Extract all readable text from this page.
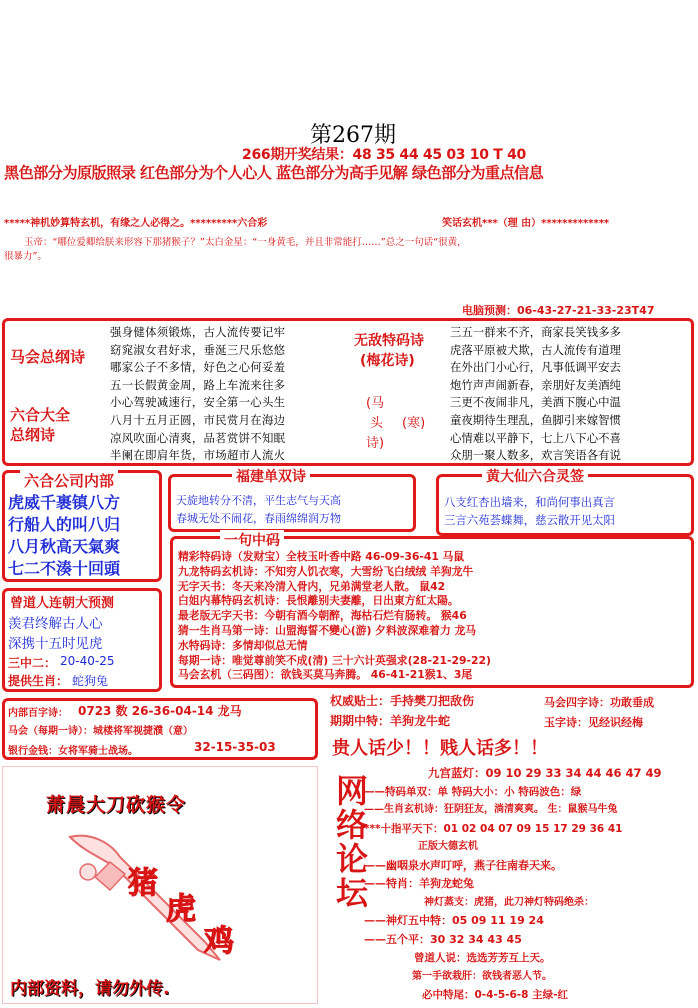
第267期
266期开奖结果：48 35 44 45 03 10 T 40
黑色部分为原版照录 红色部分为个人心人 蓝色部分为高手见解 绿色部分为重点信息
*****神机妙算特玄机，有缘之人必得之。*********六合彩	笑话玄机***（理 由）*************
玉帝：“哪位爱卿给朕来形容下那猪猴子？”太白金星：“一身黄毛，并且非常能打……”总之一句话“很黄，
很暴力”。
电脑预测：06-43-27-21-33-23T47
马会总纲诗
六合大全
总纲诗
强身健体须锻炼，古人流传要记牢
窈窕淑女君好求，垂涎三尺乐悠悠
哪家公子不多情，好色之心何妥羞
五一长假黄金周，路上车流来往多
小心驾驶减速行，安全第一心头生
八月十五月正圆，市民赏月在海边
凉风吹面心清爽，品茗赏饼不知眠
半阑在即肩年货，市场超市人流火
无敌特码诗
(梅花诗)
(马
头
诗)
(寒)
三五一群来不齐，商家長笑钱多多
虎落平原被犬欺，古人流传有道理
在外出门小心行，凡事低调平安去
炮竹声声闹新春，亲朋好友美酒纯
三更不夜闹非凡，美酒下腹心中温
童夜期待生理乱，鱼脚引来嫁智惯
心情难以平静下，七上八下心不喜
众朋一聚人数多，欢言笑语各有说
六合公司内部
虎威千裹镇八方
行船人的叫八归
八月秋高天氣爽
七二不湊十回頭
福建单双诗
天旋地转分不清，平生志气与天高
春城无处不闹花，春雨绵绵润万物
黄大仙六合灵签
八支红杏出墙来，和尚何事出真言
三言六苑荟蝶舞，慈云散开见太阳
一句中码
精彩特码诗（发财宝）全枝玉叶香中路 46-09-36-41 马鼠
九龙特码玄机诗：不知穷人饥衣寒，大雪纷飞白绒绒 羊狗龙牛
无字天书：冬天来冷清入骨内，兄弟满堂老人散。 鼠42
白姐内幕特码玄机诗：長恨離别夫妻離，日出東方紅太陽。
最老版无字天书：今朝有酒今朝醉，海枯石烂有肠转。 猴46
猜一生肖马第一诗：山盟海誓不變心(游) 夕料波深难着力 龙马
水特码诗：多情却似总无情
每期一诗：唯觉尊前笑不成(清) 三十六计英强求(28-21-29-22)
马会玄机（三码图）：欲钱买莫马奔腾。 46-41-21猴1、3尾
曾道人连朝大预测
羡君终解古人心
深携十五时见虎
三中二： 20-40-25
提供生肖： 蛇狗兔
内部百字诗： 0723 数 26-36-04-14 龙马
马会（每期一诗）：城楼将军视捷濮（意）
银行金钱：女将军骑士战场。	32-15-35-03
权威贴士：手持樊刀把敌伤	马会四字诗：功敢垂成
期期中特：羊狗龙牛蛇	玉字诗：见经识经梅
贵人话少！！贱人话多！！
萧晨大刀砍猴令
猪
虎
鸡
内部资料，请勿外传.
网络论坛
九宫蓝灯：09 10 29 33 34 44 46 47 49
——特码单双：单 特码大小：小 特码波色：绿
——生肖玄机诗：狂阴狂友，淌清爽爽。 生：鼠猴马牛兔
***十指平天下：01 02 04 07 09 15 17 29 36 41
正版大德玄机
——幽咽泉水声叮呼，燕子往南春天来。
——特肖：羊狗龙蛇兔
神灯蒸支：虎猪，此刀神灯特码绝杀：
——神灯五中特：05 09 11 19 24
——五个平：30 32 34 43 45
曾道人说：选选芳芳互上天。
第一手欲栽肝：欲钱者恶人节。
必中特尾：0-4-5-6-8 主绿-红
